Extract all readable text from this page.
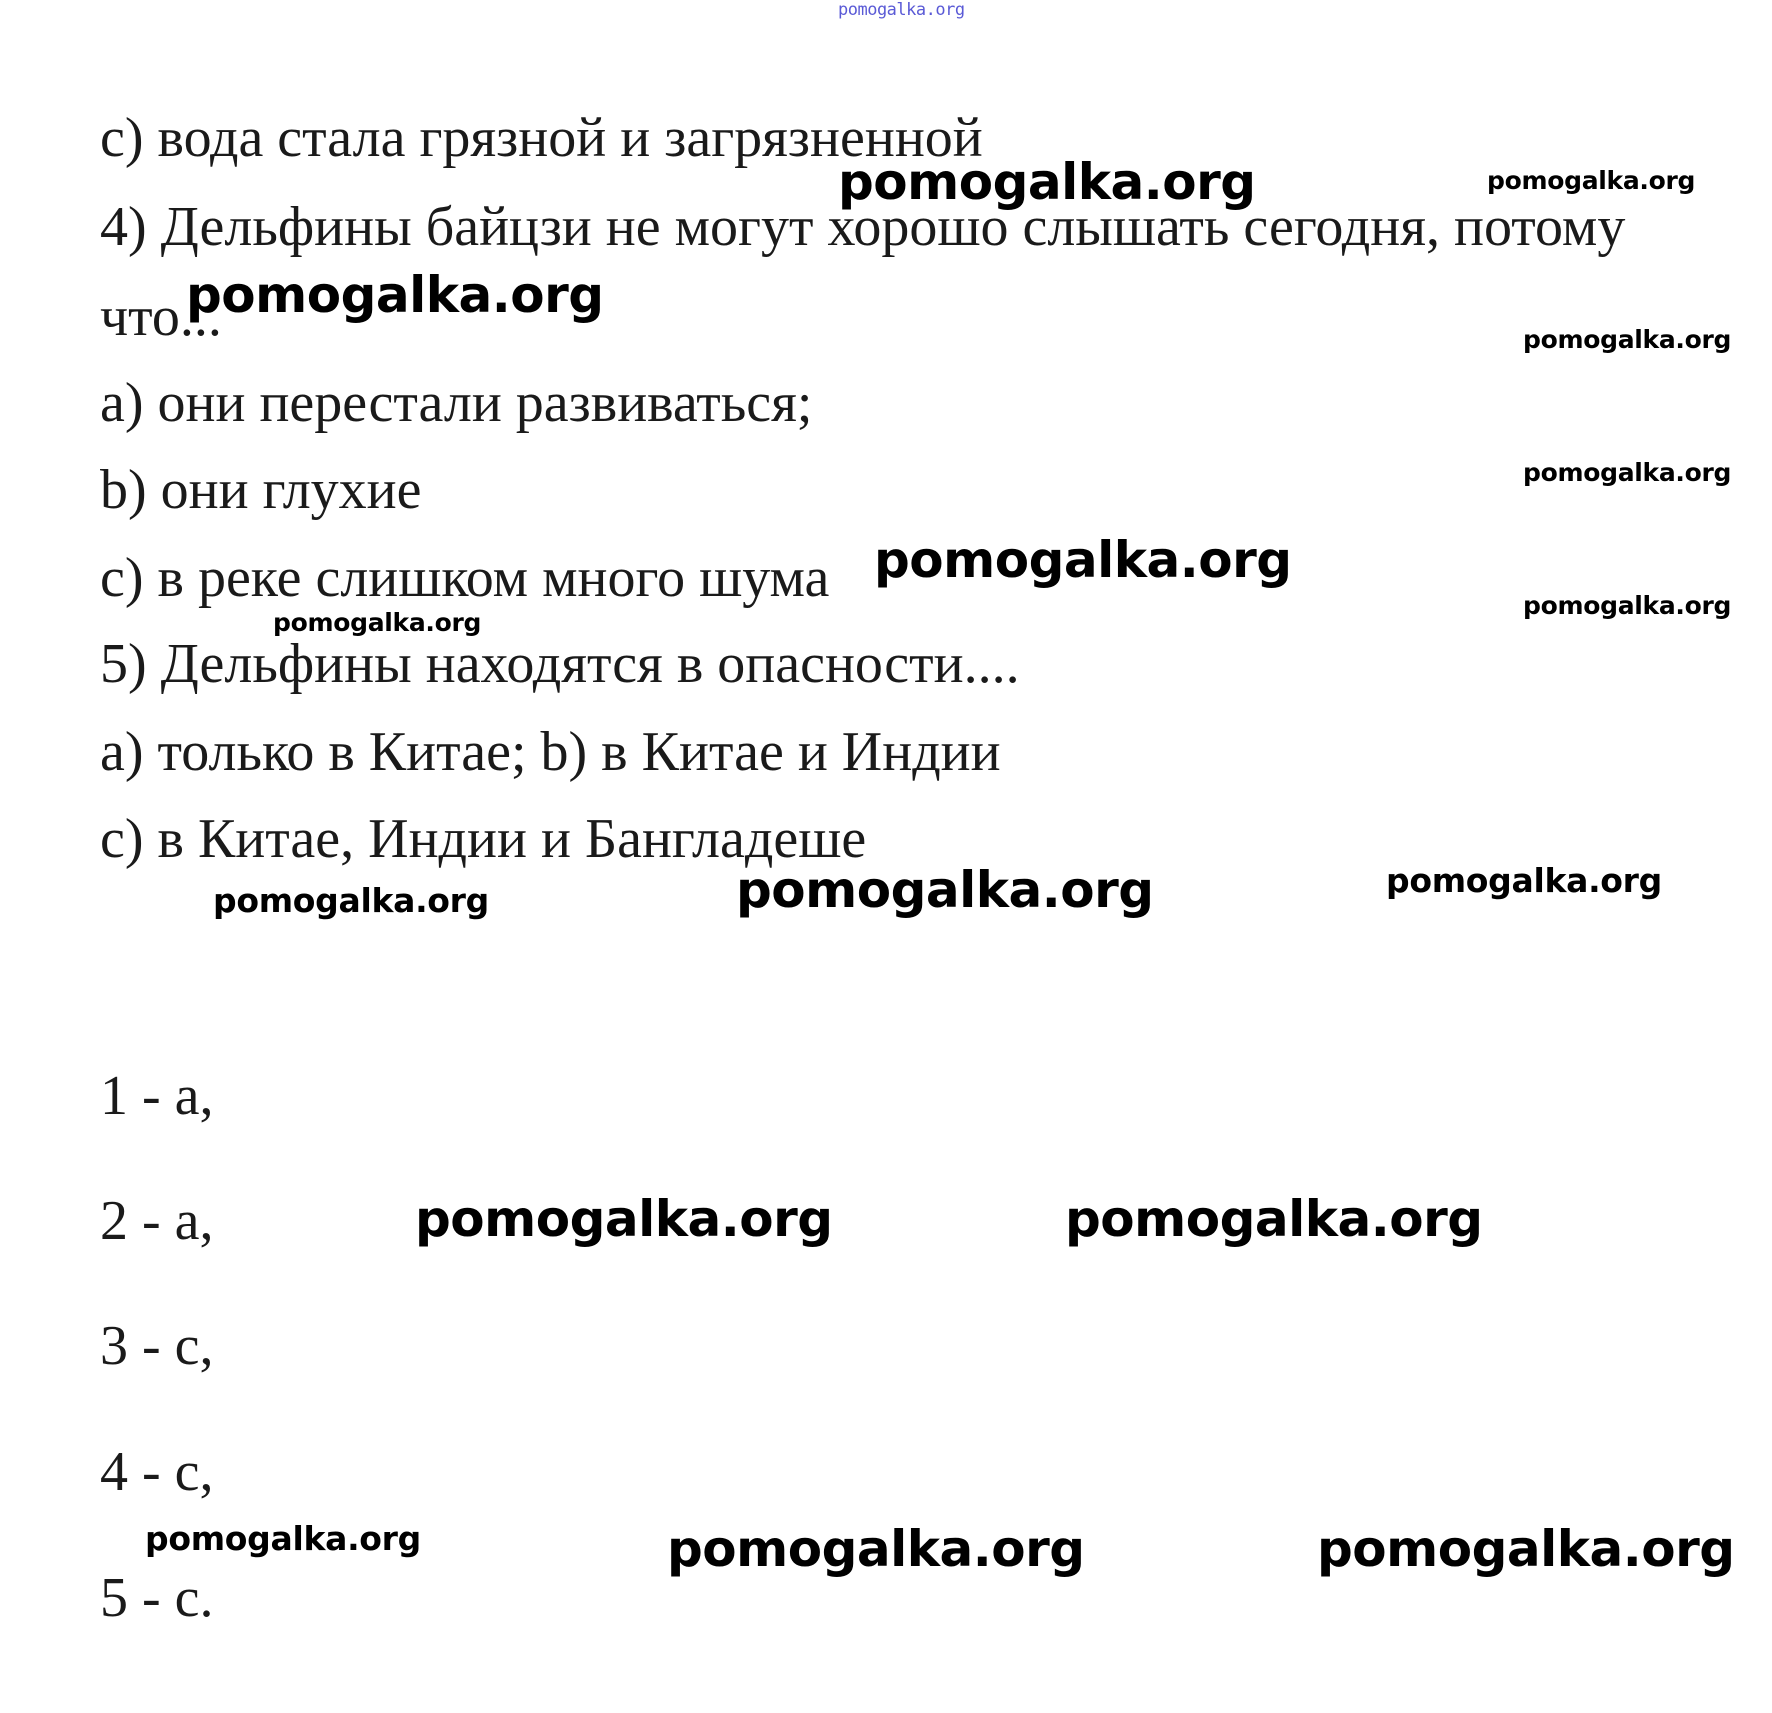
pomogalka.org

c) вода стала грязной и загрязненной

4) Дельфины байцзи не могут хорошо слышать сегодня, потому

что...

a) они перестали развиваться;

b) они глухие

c) в реке слишком много шума

5) Дельфины находятся в опасности....

a) только в Китае; b) в Китае и Индии

c) в Китае, Индии и Бангладеше

1 - a,

2 - a,

3 - c,

4 - c,

5 - c.

pomogalka.org	pomogalka.org
pomogalka.org
pomogalka.org
pomogalka.org
pomogalka.org
pomogalka.org
pomogalka.org
pomogalka.org
pomogalka.org	pomogalka.org
pomogalka.org	pomogalka.org
pomogalka.org	pomogalka.org	pomogalka.org
